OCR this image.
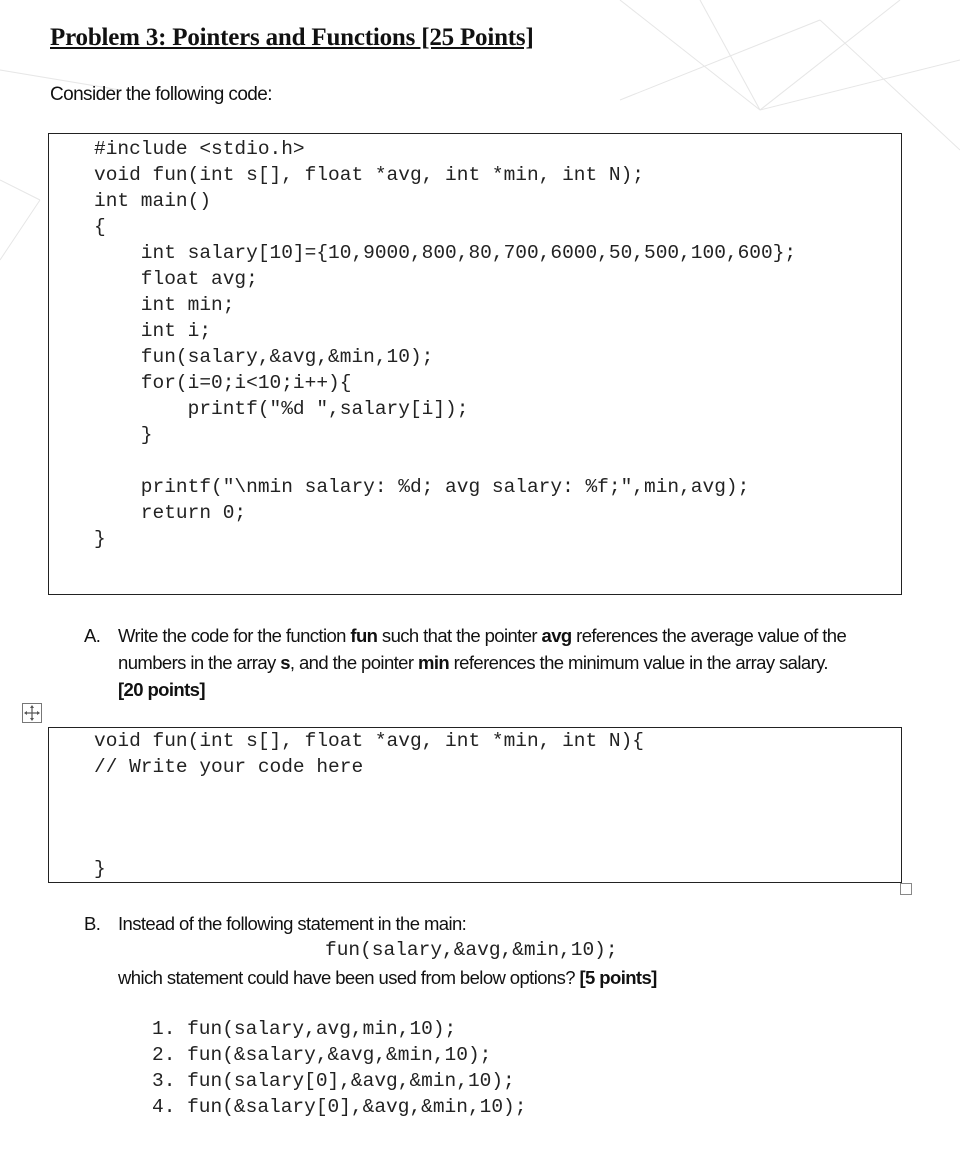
Problem 3: Pointers and Functions [25 Points]
Consider the following code:
#include <stdio.h>
void fun(int s[], float *avg, int *min, int N);
int main()
{
int salary[10]={10,9000,800,80,700,6000,50,500,100,600};
float avg;
int min;
int i;

fun(salary,&avg,&min,10);

for(i=0;i<10;i++){
printf("%d ",salary[i]);
}

printf("\nmin salary: %d; avg salary: %f;",min,avg);
return 0;
}
A. Write the code for the function fun such that the pointer avg references the average value of the
numbers in the array s, and the pointer min references the minimum value in the array salary.
[20 points]
void fun(int s[], float *avg, int *min, int N){
// Write your code here
}
B. Instead of the following statement in the main:
which statement could have been used from below options? [5 points]
fun(salary,&avg,&min,10);
1. fun(salary,avg,min,10);
2. fun(&salary,&avg,&min,10);
3. fun(salary[0],&avg,&min,10);
4. fun(&salary[0],&avg,&min,10);
